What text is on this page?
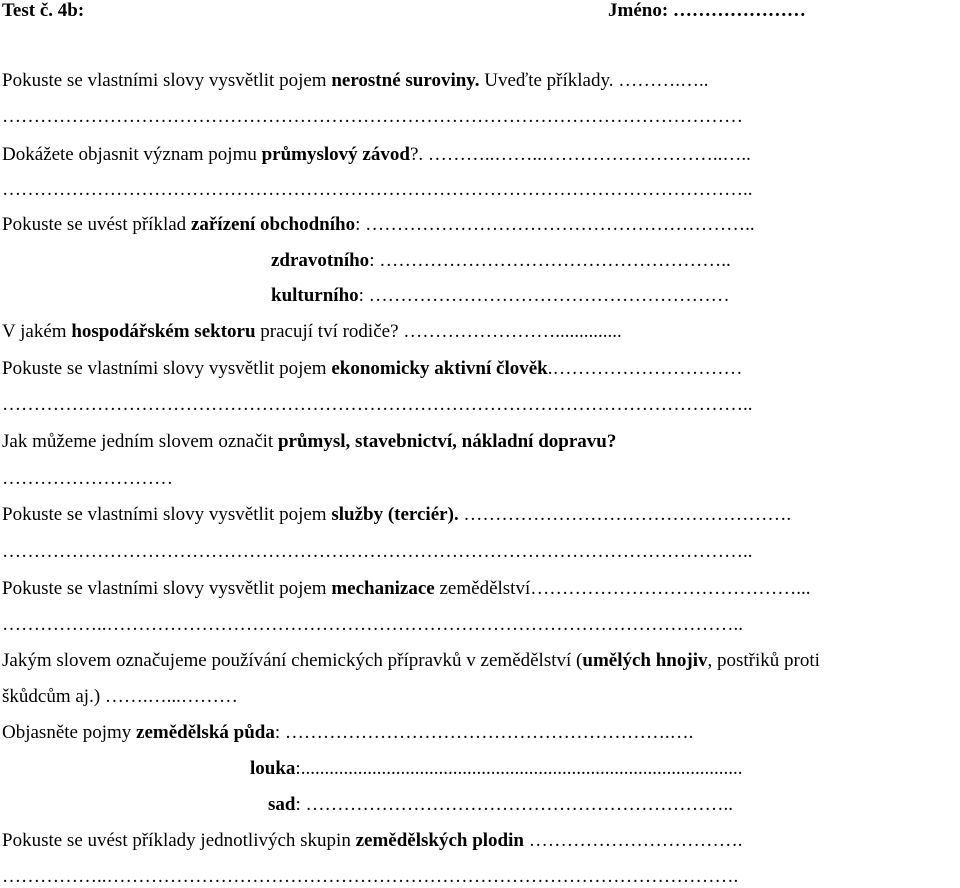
Test č. 4b:	Jméno: …………………
Pokuste se vlastními slovy vysvětlit pojem nerostné suroviny. Uveďte příklady. ……….…..
………………………………………………………………………………………………………
Dokážete objasnit význam pojmu průmyslový závod?. ………..……..………………………..…..
………………………………………………………………………………………………………..
Pokuste se uvést příklad zařízení obchodního: ……………………………………………………..
zdravotního: ………………………………………………..
kulturního: …………………………………………………
V jakém hospodářském sektoru pracují tví rodiče? ……………………..............
Pokuste se vlastními slovy vysvětlit pojem ekonomicky aktivní člověk.…………………………
………………………………………………………………………………………………………..
Jak můžeme jedním slovem označit průmysl, stavebnictví, nákladní dopravu?
………………………
Pokuste se vlastními slovy vysvětlit pojem služby (terciér). …………………………………………….
………………………………………………………………………………………………………..
Pokuste se vlastními slovy vysvětlit pojem mechanizace zemědělství……………………………………...
……………..………………………………………………………………………………………..
Jakým slovem označujeme používání chemických přípravků v zemědělství (umělých hnojiv, postřiků proti
škůdcům aj.) …….…...………
Objasněte pojmy zemědělská půda: …………………………………………………….….
louka:.............................................................................................
sad: …………………………………………………………..
Pokuste se uvést příklady jednotlivých skupin zemědělských plodin …………………………….
……………..……………………………………………………………………………………….
